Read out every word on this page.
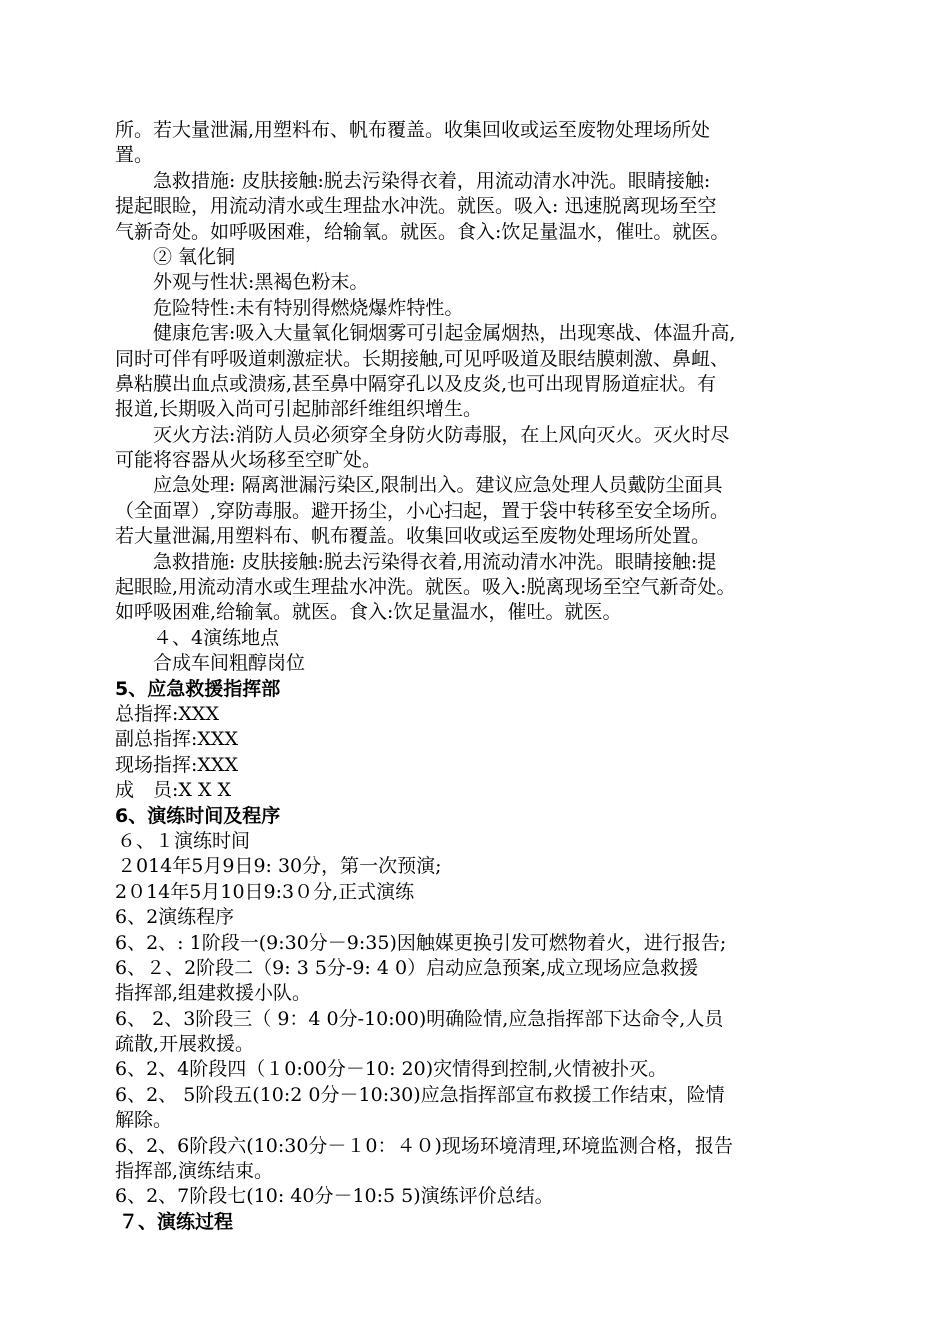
所。若大量泄漏,用塑料布、帆布覆盖。收集回收或运至废物处理场所处
置。
急救措施: 皮肤接触:脱去污染得衣着，用流动清水冲洗。眼睛接触:
提起眼睑，用流动清水或生理盐水冲洗。就医。吸入: 迅速脱离现场至空
气新奇处。如呼吸困难，给输氧。就医。食入:饮足量温水，催吐。就医。
② 氧化铜
外观与性状:黑褐色粉末。
危险特性:未有特别得燃烧爆炸特性。
健康危害:吸入大量氧化铜烟雾可引起金属烟热，出现寒战、体温升高,
同时可伴有呼吸道刺激症状。长期接触,可见呼吸道及眼结膜刺激、鼻衄、
鼻粘膜出血点或溃疡,甚至鼻中隔穿孔以及皮炎,也可出现胃肠道症状。有
报道,长期吸入尚可引起肺部纤维组织增生。
灭火方法:消防人员必须穿全身防火防毒服，在上风向灭火。灭火时尽
可能将容器从火场移至空旷处。
应急处理: 隔离泄漏污染区,限制出入。建议应急处理人员戴防尘面具
（全面罩）,穿防毒服。避开扬尘，小心扫起，置于袋中转移至安全场所。
若大量泄漏,用塑料布、帆布覆盖。收集回收或运至废物处理场所处置。
急救措施: 皮肤接触:脱去污染得衣着,用流动清水冲洗。眼睛接触:提
起眼睑,用流动清水或生理盐水冲洗。就医。吸入:脱离现场至空气新奇处。
如呼吸困难,给输氧。就医。食入:饮足量温水，催吐。就医。
４、4演练地点
合成车间粗醇岗位
5、应急救援指挥部
总指挥:XXX
副总指挥:XXX
现场指挥:XXX
成　员:X X X
6、演练时间及程序
６、１演练时间
２014年5月9日9: 30分，第一次预演;
2０14年5月10日9:3０分,正式演练
6、2演练程序
6、2、: 1阶段一(9:30分－9:35)因触媒更换引发可燃物着火，进行报告;
6、２、2阶段二（9: 3 5分-9: 4 0）启动应急预案,成立现场应急救援
指挥部,组建救援小队。
6、 2、3阶段三（ 9：4 0分-10:00)明确险情,应急指挥部下达命令,人员
疏散,开展救援。
6、2、4阶段四（１0:00分－10: 20)灾情得到控制,火情被扑灭。
6、2、 5阶段五(10:2 0分－10:30)应急指挥部宣布救援工作结束，险情
解除。
6、2、6阶段六(10:30分－１0：４０)现场环境清理,环境监测合格，报告
指挥部,演练结束。
6、2、7阶段七(10: 40分－10:5 5)演练评价总结。
７、演练过程
